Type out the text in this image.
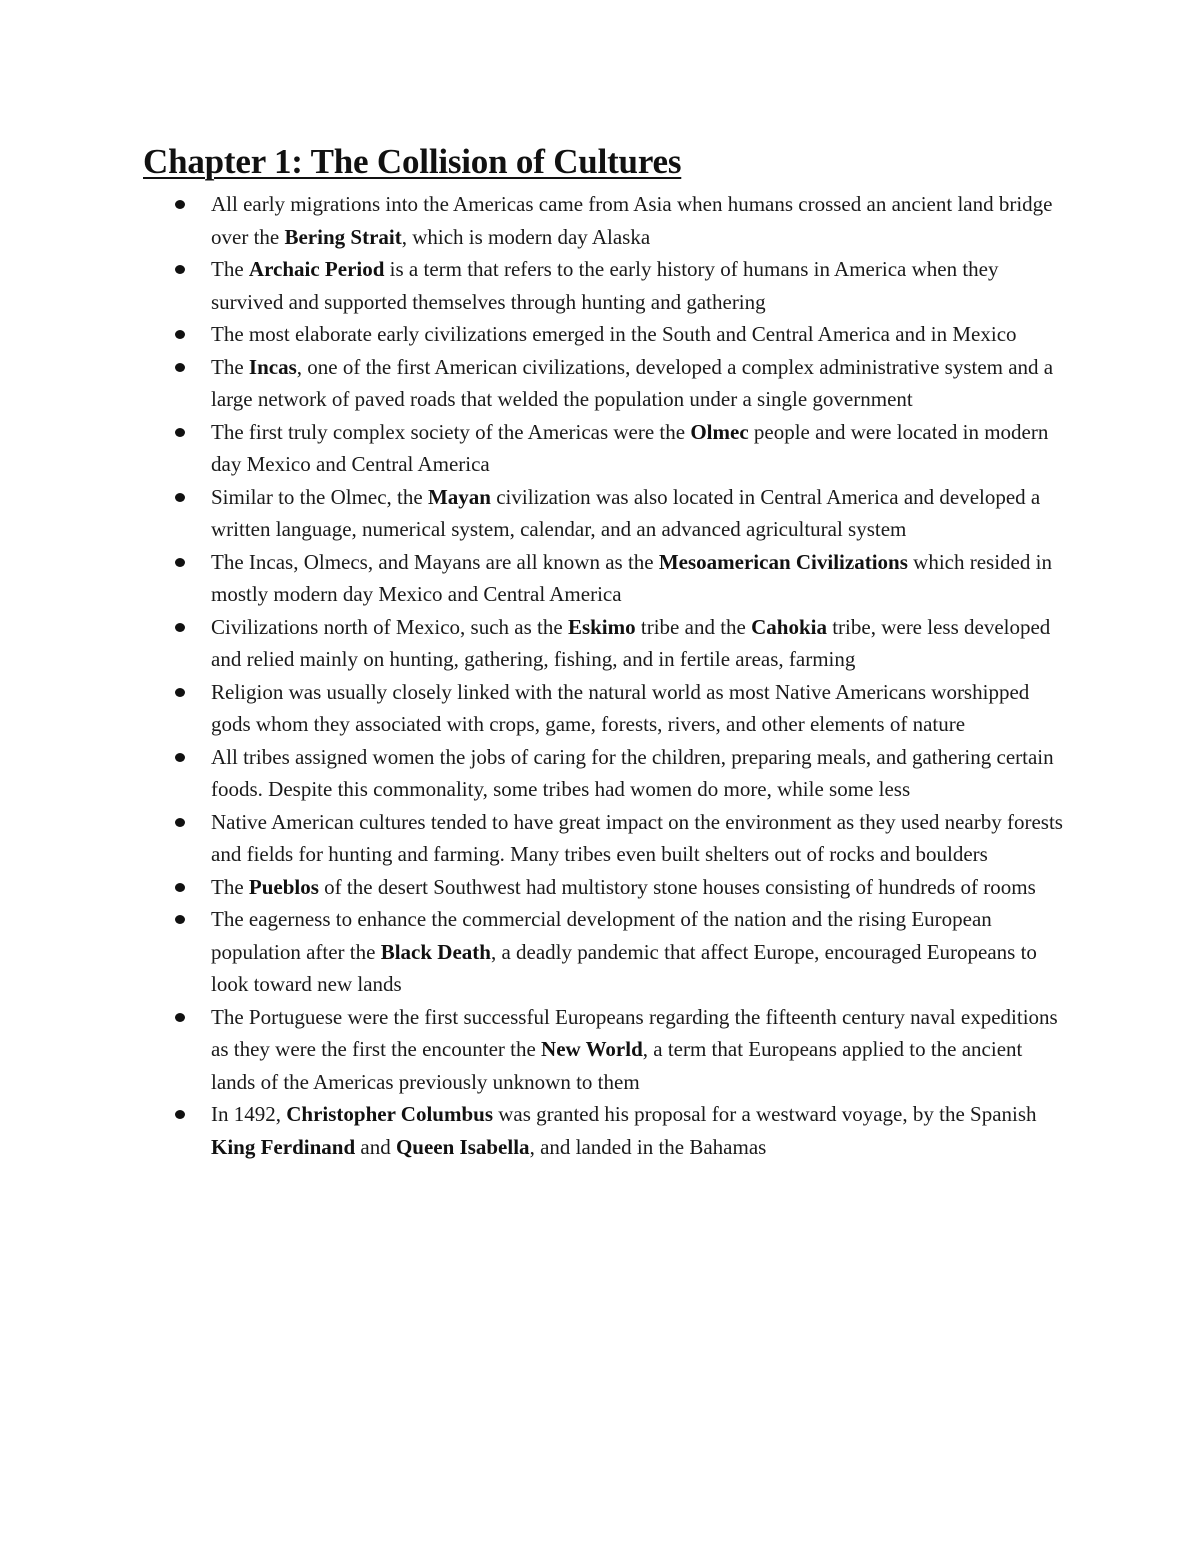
Chapter 1: The Collision of Cultures
All early migrations into the Americas came from Asia when humans crossed an ancient land bridge over the Bering Strait, which is modern day Alaska
The Archaic Period is a term that refers to the early history of humans in America when they survived and supported themselves through hunting and gathering
The most elaborate early civilizations emerged in the South and Central America and in Mexico
The Incas, one of the first American civilizations, developed a complex administrative system and a large network of paved roads that welded the population under a single government
The first truly complex society of the Americas were the Olmec people and were located in modern day Mexico and Central America
Similar to the Olmec, the Mayan civilization was also located in Central America and developed a written language, numerical system, calendar, and an advanced agricultural system
The Incas, Olmecs, and Mayans are all known as the Mesoamerican Civilizations which resided in mostly modern day Mexico and Central America
Civilizations north of Mexico, such as the Eskimo tribe and the Cahokia tribe, were less developed and relied mainly on hunting, gathering, fishing, and in fertile areas, farming
Religion was usually closely linked with the natural world as most Native Americans worshipped gods whom they associated with crops, game, forests, rivers, and other elements of nature
All tribes assigned women the jobs of caring for the children, preparing meals, and gathering certain foods. Despite this commonality, some tribes had women do more, while some less
Native American cultures tended to have great impact on the environment as they used nearby forests and fields for hunting and farming. Many tribes even built shelters out of rocks and boulders
The Pueblos of the desert Southwest had multistory stone houses consisting of hundreds of rooms
The eagerness to enhance the commercial development of the nation and the rising European population after the Black Death, a deadly pandemic that affect Europe, encouraged Europeans to look toward new lands
The Portuguese were the first successful Europeans regarding the fifteenth century naval expeditions as they were the first the encounter the New World, a term that Europeans applied to the ancient lands of the Americas previously unknown to them
In 1492, Christopher Columbus was granted his proposal for a westward voyage, by the Spanish King Ferdinand and Queen Isabella, and landed in the Bahamas
